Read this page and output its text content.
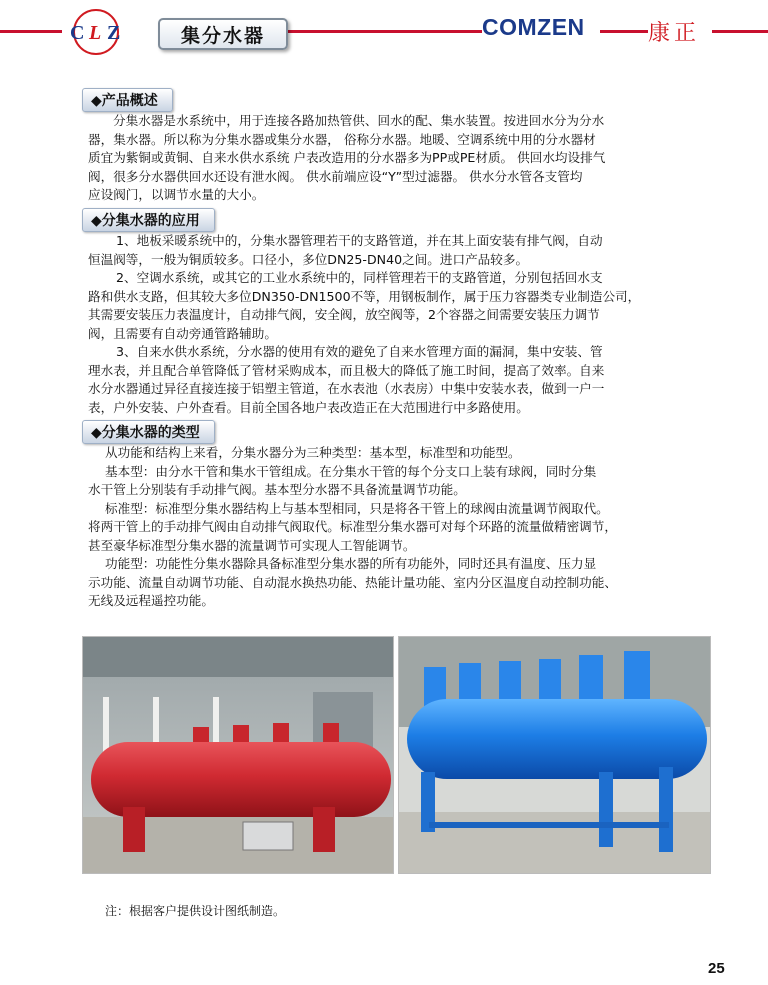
C L Z	集分水器	COMZEN	康正
◆产品概述

分集水器是水系统中，用于连接各路加热管供、回水的配、集水装置。按进回水分为分水

器，集水器。所以称为分集水器或集分水器， 俗称分水器。地暖、空调系统中用的分水器材

质宜为紫铜或黄铜、自来水供水系统 户表改造用的分水器多为PP或PE材质。 供回水均设排气

阀，很多分水器供回水还设有泄水阀。 供水前端应设“Y”型过滤器。 供水分水管各支管均

应设阀门，以调节水量的大小。

◆分集水器的应用

1、地板采暖系统中的，分集水器管理若干的支路管道，并在其上面安装有排气阀，自动

恒温阀等，一般为铜质较多。口径小，多位DN25-DN40之间。进口产品较多。

2、空调水系统，或其它的工业水系统中的，同样管理若干的支路管道，分别包括回水支

路和供水支路，但其较大多位DN350-DN1500不等，用钢板制作，属于压力容器类专业制造公司，

其需要安装压力表温度计，自动排气阀，安全阀，放空阀等，2个容器之间需要安装压力调节

阀，且需要有自动旁通管路辅助。

3、自来水供水系统，分水器的使用有效的避免了自来水管理方面的漏洞，集中安装、管

理水表，并且配合单管降低了管材采购成本，而且极大的降低了施工时间，提高了效率。自来

水分水器通过异径直接连接于铝塑主管道，在水表池（水表房）中集中安装水表，做到一户一

表，户外安装、户外查看。目前全国各地户表改造正在大范围进行中多路使用。

◆分集水器的类型

从功能和结构上来看，分集水器分为三种类型：基本型，标准型和功能型。

基本型：由分水干管和集水干管组成。在分集水干管的每个分支口上装有球阀，同时分集

水干管上分别装有手动排气阀。基本型分水器不具备流量调节功能。

标准型：标准型分集水器结构上与基本型相同，只是将各干管上的球阀由流量调节阀取代。

将两干管上的手动排气阀由自动排气阀取代。标准型分集水器可对每个环路的流量做精密调节，

甚至豪华标准型分集水器的流量调节可实现人工智能调节。

功能型：功能性分集水器除具备标准型分集水器的所有功能外，同时还具有温度、压力显

示功能、流量自动调节功能、自动混水换热功能、热能计量功能、室内分区温度自动控制功能、

无线及远程遥控功能。

注：根据客户提供设计图纸制造。
25
